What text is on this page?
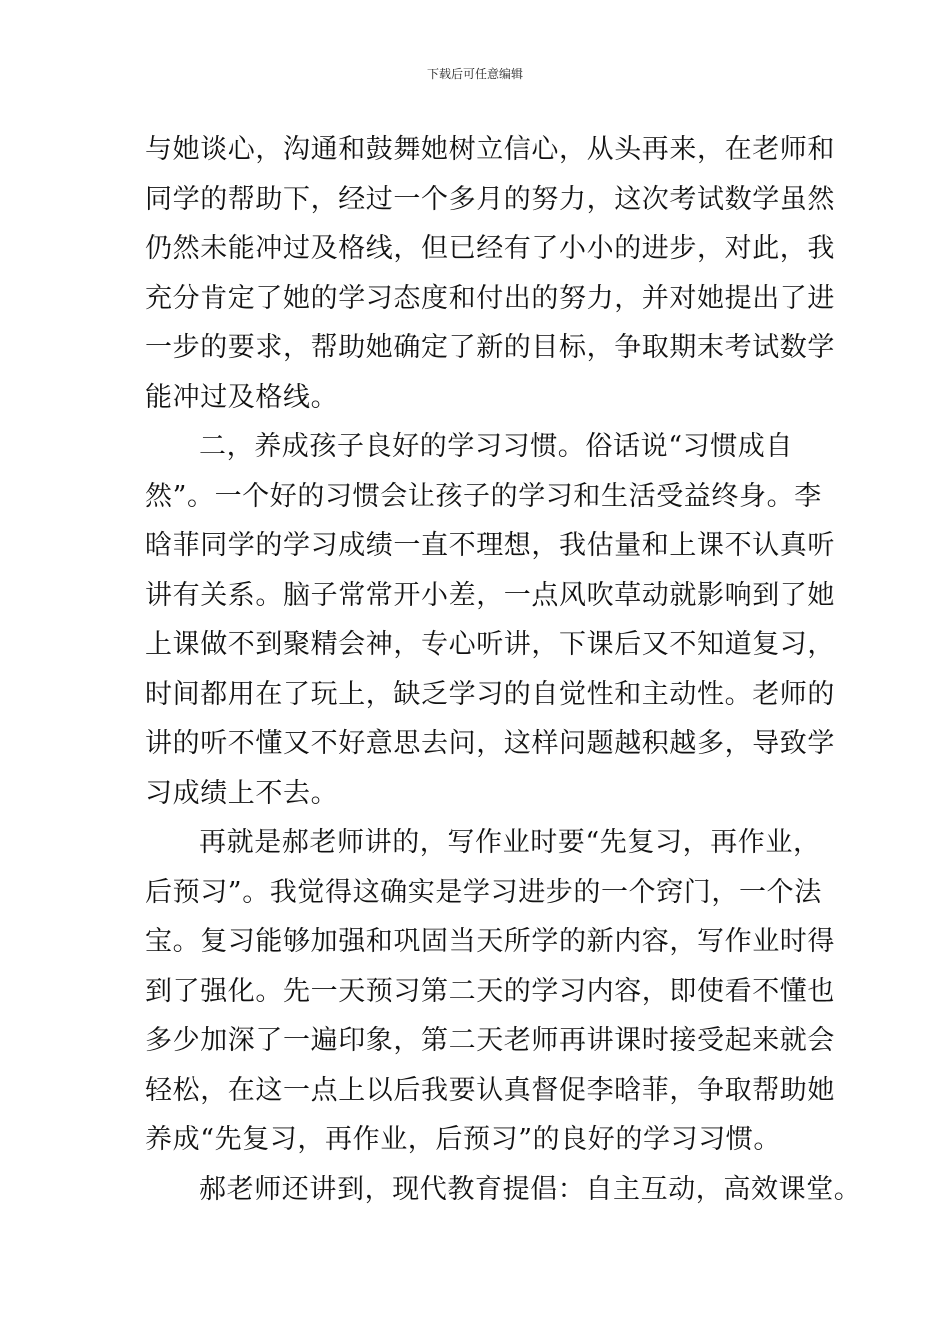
下载后可任意编辑
与她谈心，沟通和鼓舞她树立信心，从头再来，在老师和
同学的帮助下，经过一个多月的努力，这次考试数学虽然
仍然未能冲过及格线，但已经有了小小的进步，对此，我
充分肯定了她的学习态度和付出的努力，并对她提出了进
一步的要求，帮助她确定了新的目标，争取期末考试数学
能冲过及格线。
二，养成孩子良好的学习习惯。俗话说“习惯成自
然”。一个好的习惯会让孩子的学习和生活受益终身。李
晗菲同学的学习成绩一直不理想，我估量和上课不认真听
讲有关系。脑子常常开小差，一点风吹草动就影响到了她
上课做不到聚精会神，专心听讲，下课后又不知道复习，
时间都用在了玩上，缺乏学习的自觉性和主动性。老师的
讲的听不懂又不好意思去问，这样问题越积越多，导致学
习成绩上不去。
再就是郝老师讲的，写作业时要“先复习，再作业，
后预习”。我觉得这确实是学习进步的一个窍门，一个法
宝。复习能够加强和巩固当天所学的新内容，写作业时得
到了强化。先一天预习第二天的学习内容，即使看不懂也
多少加深了一遍印象，第二天老师再讲课时接受起来就会
轻松，在这一点上以后我要认真督促李晗菲，争取帮助她
养成“先复习，再作业，后预习”的良好的学习习惯。
郝老师还讲到，现代教育提倡：自主互动，高效课堂。
